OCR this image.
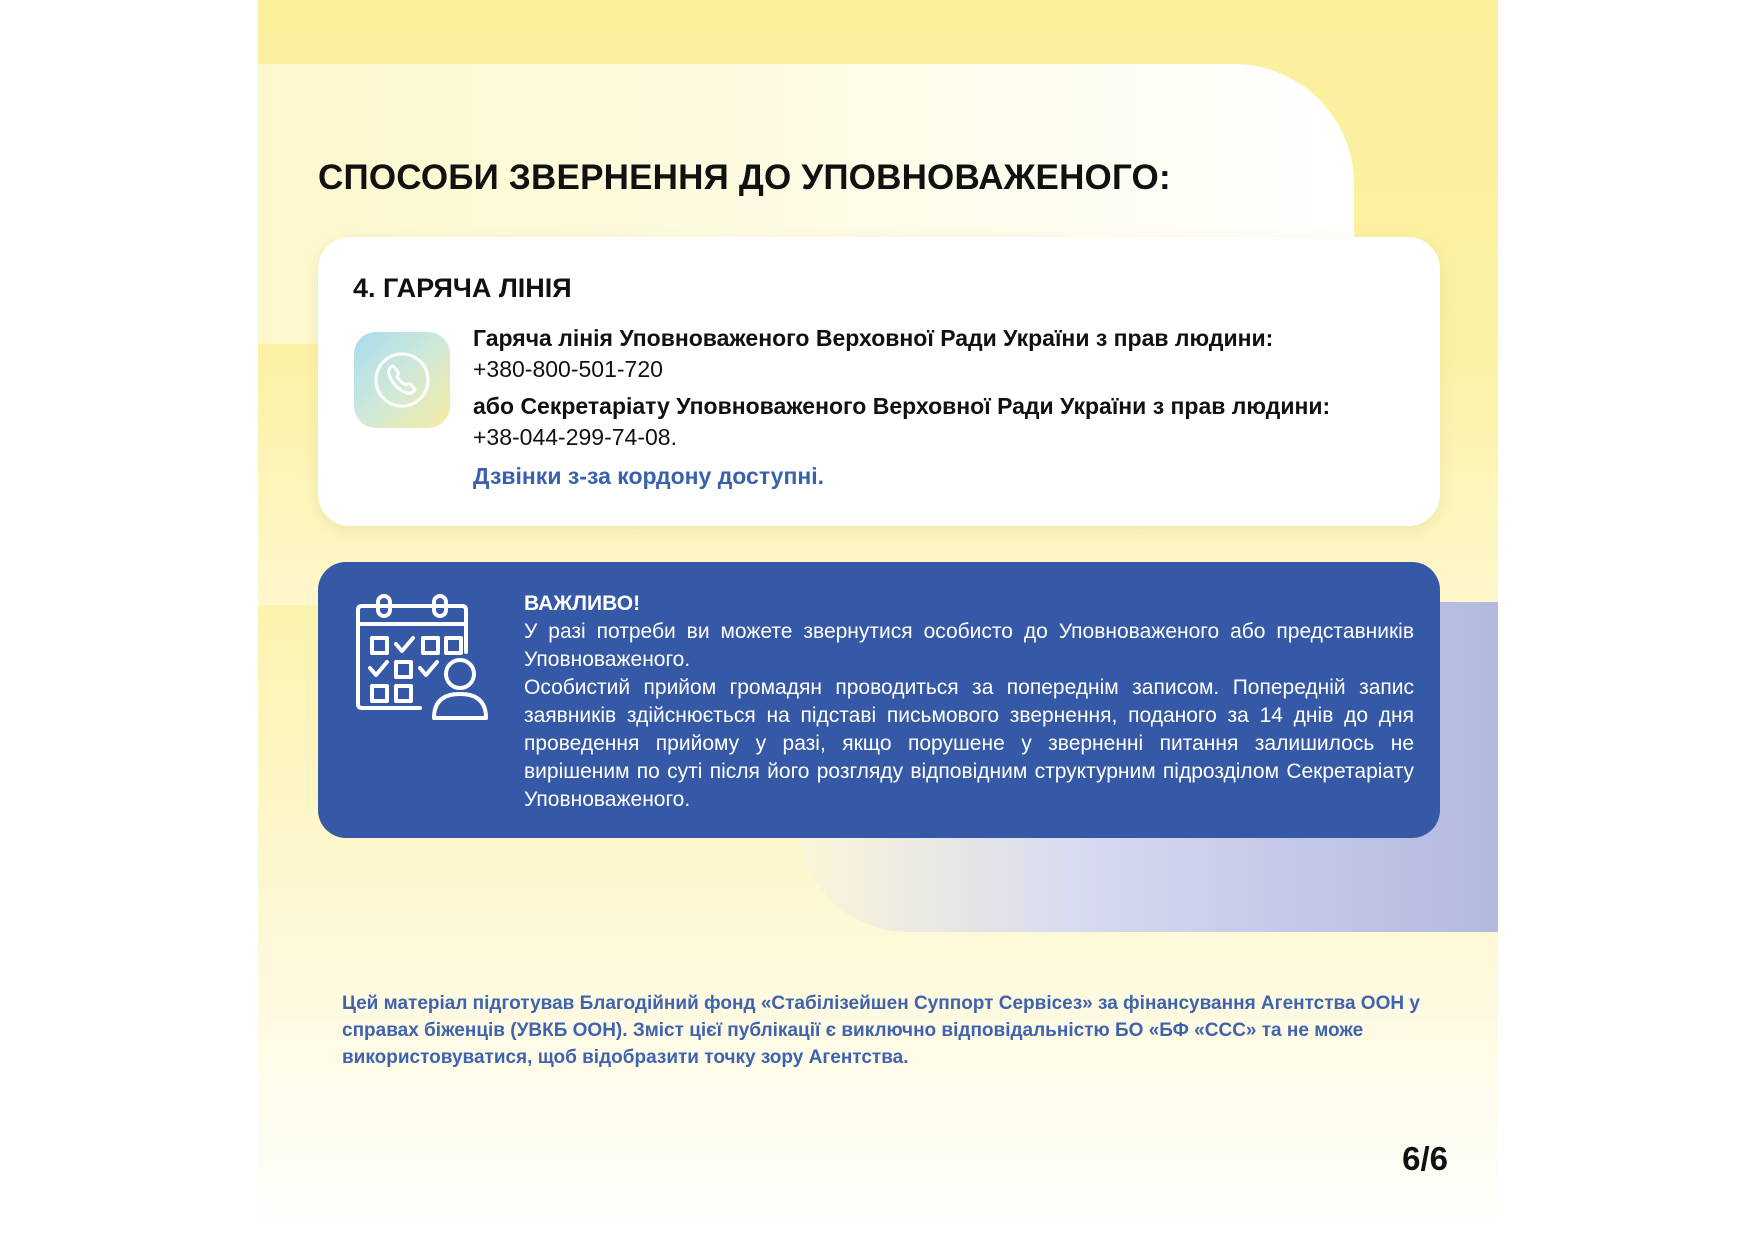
СПОСОБИ ЗВЕРНЕННЯ ДО УПОВНОВАЖЕНОГО:
4. ГАРЯЧА ЛІНІЯ
Гаряча лінія Уповноваженого Верховної Ради України з прав людини:
+380-800-501-720
або Секретаріату Уповноваженого Верховної Ради України з прав людини:
+38-044-299-74-08.
Дзвінки з-за кордону доступні.
ВАЖЛИВО!

У разі потреби ви можете звернутися особисто до Уповноваженого або представників Уповноваженого.

Особистий прийом громадян проводиться за попереднім записом. Попередній запис заявників здійснюється на підставі письмового звернення, поданого за 14 днів до дня проведення прийому у разі, якщо порушене у зверненні питання залишилось не вирішеним по суті після його розгляду відповідним структурним підрозділом Секретаріату Уповноваженого.

Цей матеріал підготував Благодійний фонд «Стабілізейшен Суппорт Сервісез» за фінансування Агентства ООН у справах біженців (УВКБ ООН). Зміст цієї публікації є виключно відповідальністю БО «БФ «ССС» та не може використовуватися, щоб відобразити точку зору Агентства.

6/6
